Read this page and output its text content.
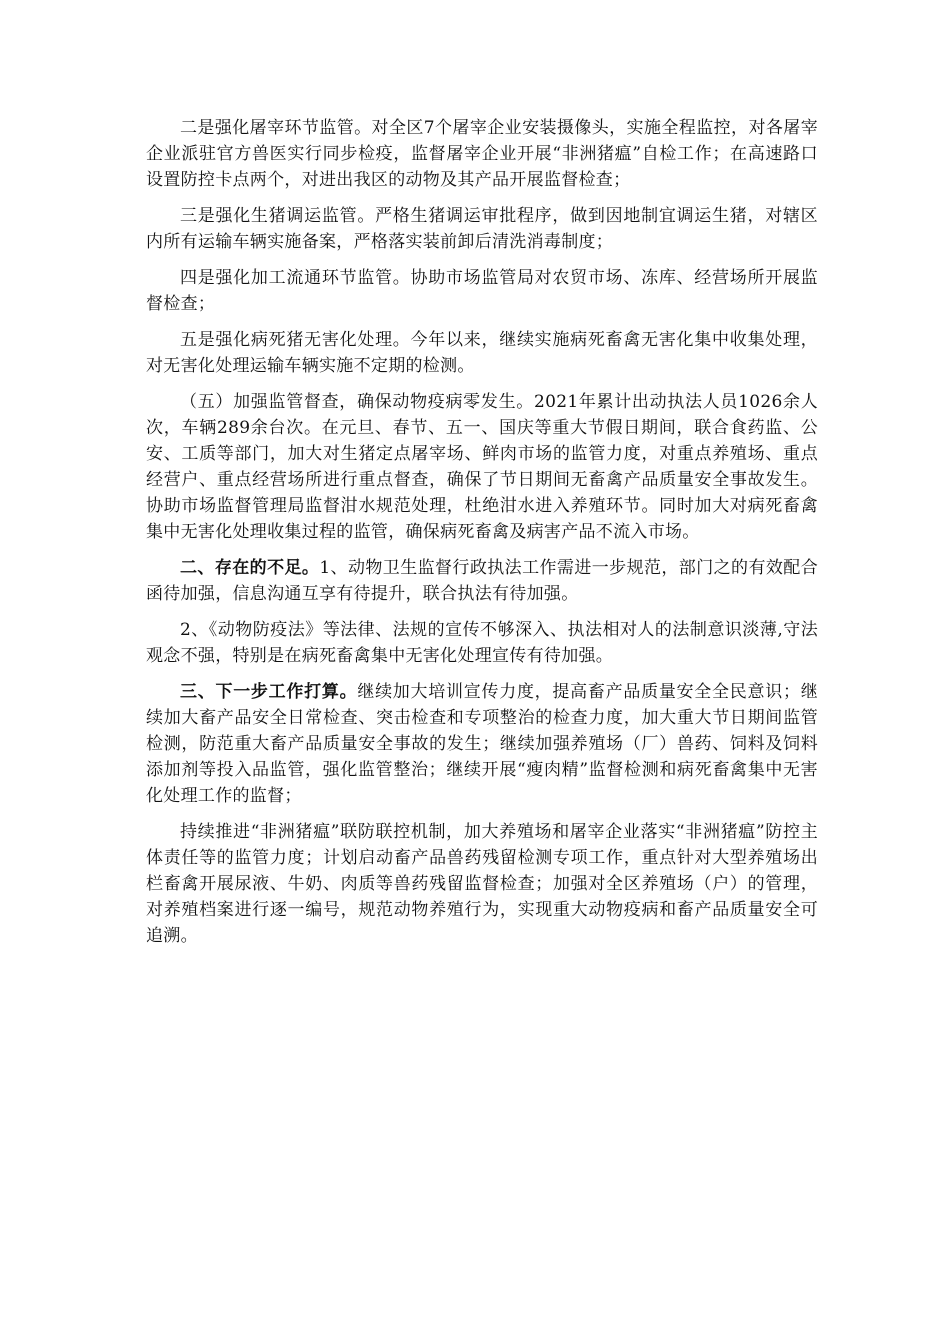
二是强化屠宰环节监管。对全区7个屠宰企业安装摄像头，实施全程监控，对各屠宰企业派驻官方兽医实行同步检疫，监督屠宰企业开展“非洲猪瘟”自检工作；在高速路口设置防控卡点两个，对进出我区的动物及其产品开展监督检查；

三是强化生猪调运监管。严格生猪调运审批程序，做到因地制宜调运生猪，对辖区内所有运输车辆实施备案，严格落实装前卸后清洗消毒制度；

四是强化加工流通环节监管。协助市场监管局对农贸市场、冻库、经营场所开展监督检查；

五是强化病死猪无害化处理。今年以来，继续实施病死畜禽无害化集中收集处理，对无害化处理运输车辆实施不定期的检测。

（五）加强监管督查，确保动物疫病零发生。2021年累计出动执法人员1026余人次，车辆289余台次。在元旦、春节、五一、国庆等重大节假日期间，联合食药监、公安、工质等部门，加大对生猪定点屠宰场、鲜肉市场的监管力度，对重点养殖场、重点经营户、重点经营场所进行重点督查，确保了节日期间无畜禽产品质量安全事故发生。协助市场监督管理局监督泔水规范处理，杜绝泔水进入养殖环节。同时加大对病死畜禽集中无害化处理收集过程的监管，确保病死畜禽及病害产品不流入市场。

二、存在的不足。1、动物卫生监督行政执法工作需进一步规范，部门之的有效配合函待加强，信息沟通互享有待提升，联合执法有待加强。

2、《动物防疫法》等法律、法规的宣传不够深入、执法相对人的法制意识淡薄,守法观念不强，特别是在病死畜禽集中无害化处理宣传有待加强。

三、下一步工作打算。继续加大培训宣传力度，提高畜产品质量安全全民意识；继续加大畜产品安全日常检查、突击检查和专项整治的检查力度，加大重大节日期间监管检测，防范重大畜产品质量安全事故的发生；继续加强养殖场（厂）兽药、饲料及饲料添加剂等投入品监管，强化监管整治；继续开展“瘦肉精”监督检测和病死畜禽集中无害化处理工作的监督；

持续推进“非洲猪瘟”联防联控机制，加大养殖场和屠宰企业落实“非洲猪瘟”防控主体责任等的监管力度；计划启动畜产品兽药残留检测专项工作，重点针对大型养殖场出栏畜禽开展尿液、牛奶、肉质等兽药残留监督检查；加强对全区养殖场（户）的管理，对养殖档案进行逐一编号，规范动物养殖行为，实现重大动物疫病和畜产品质量安全可追溯。
